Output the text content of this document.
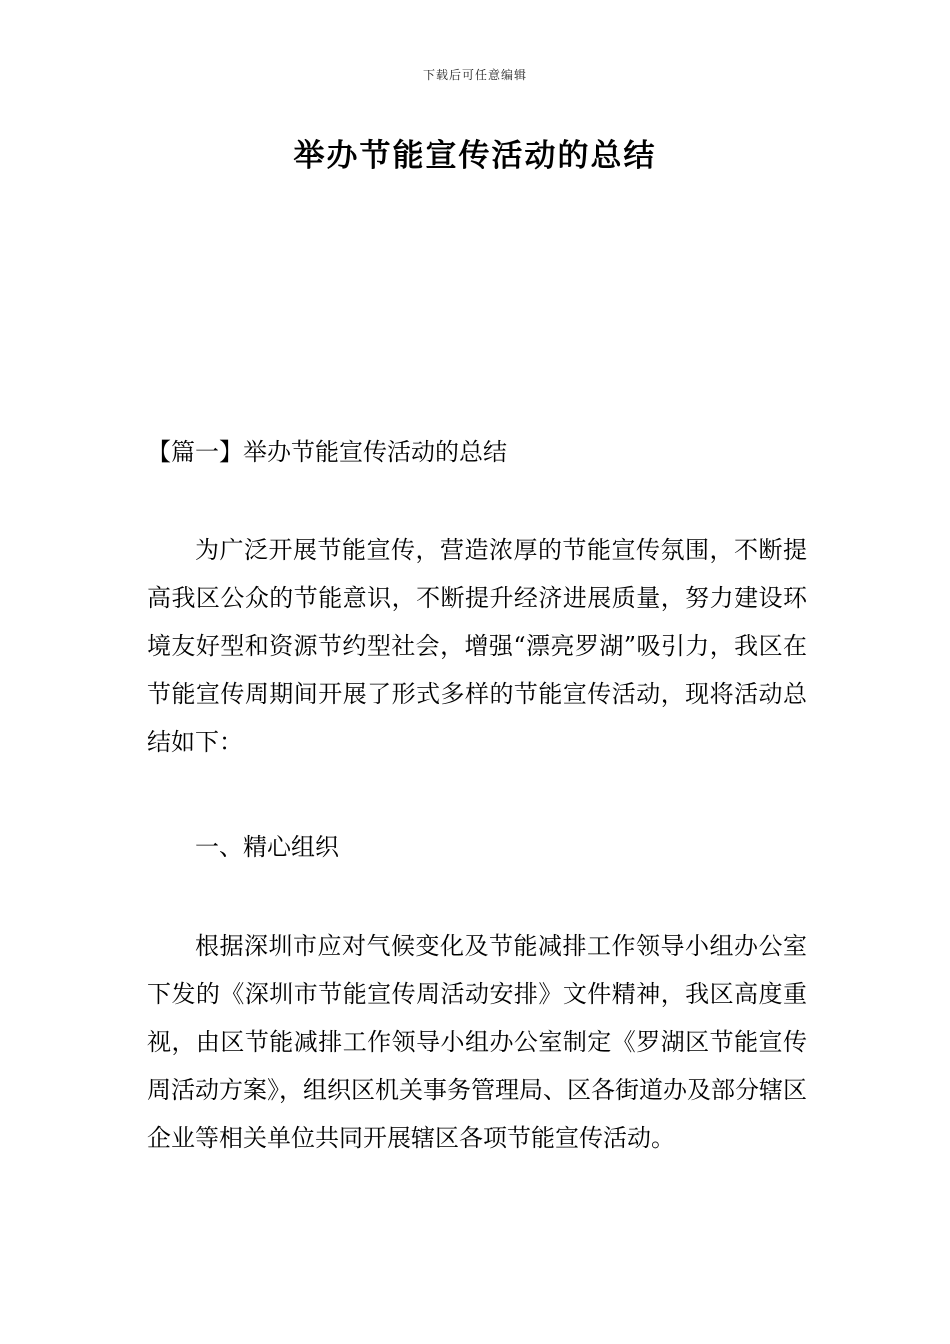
下载后可任意编辑
举办节能宣传活动的总结
【篇一】举办节能宣传活动的总结
为广泛开展节能宣传，营造浓厚的节能宣传氛围，不断提高我区公众的节能意识，不断提升经济进展质量，努力建设环境友好型和资源节约型社会，增强“漂亮罗湖”吸引力，我区在节能宣传周期间开展了形式多样的节能宣传活动，现将活动总结如下：
一、精心组织
根据深圳市应对气候变化及节能减排工作领导小组办公室下发的《深圳市节能宣传周活动安排》文件精神，我区高度重视，由区节能减排工作领导小组办公室制定《罗湖区节能宣传周活动方案》，组织区机关事务管理局、区各街道办及部分辖区企业等相关单位共同开展辖区各项节能宣传活动。
